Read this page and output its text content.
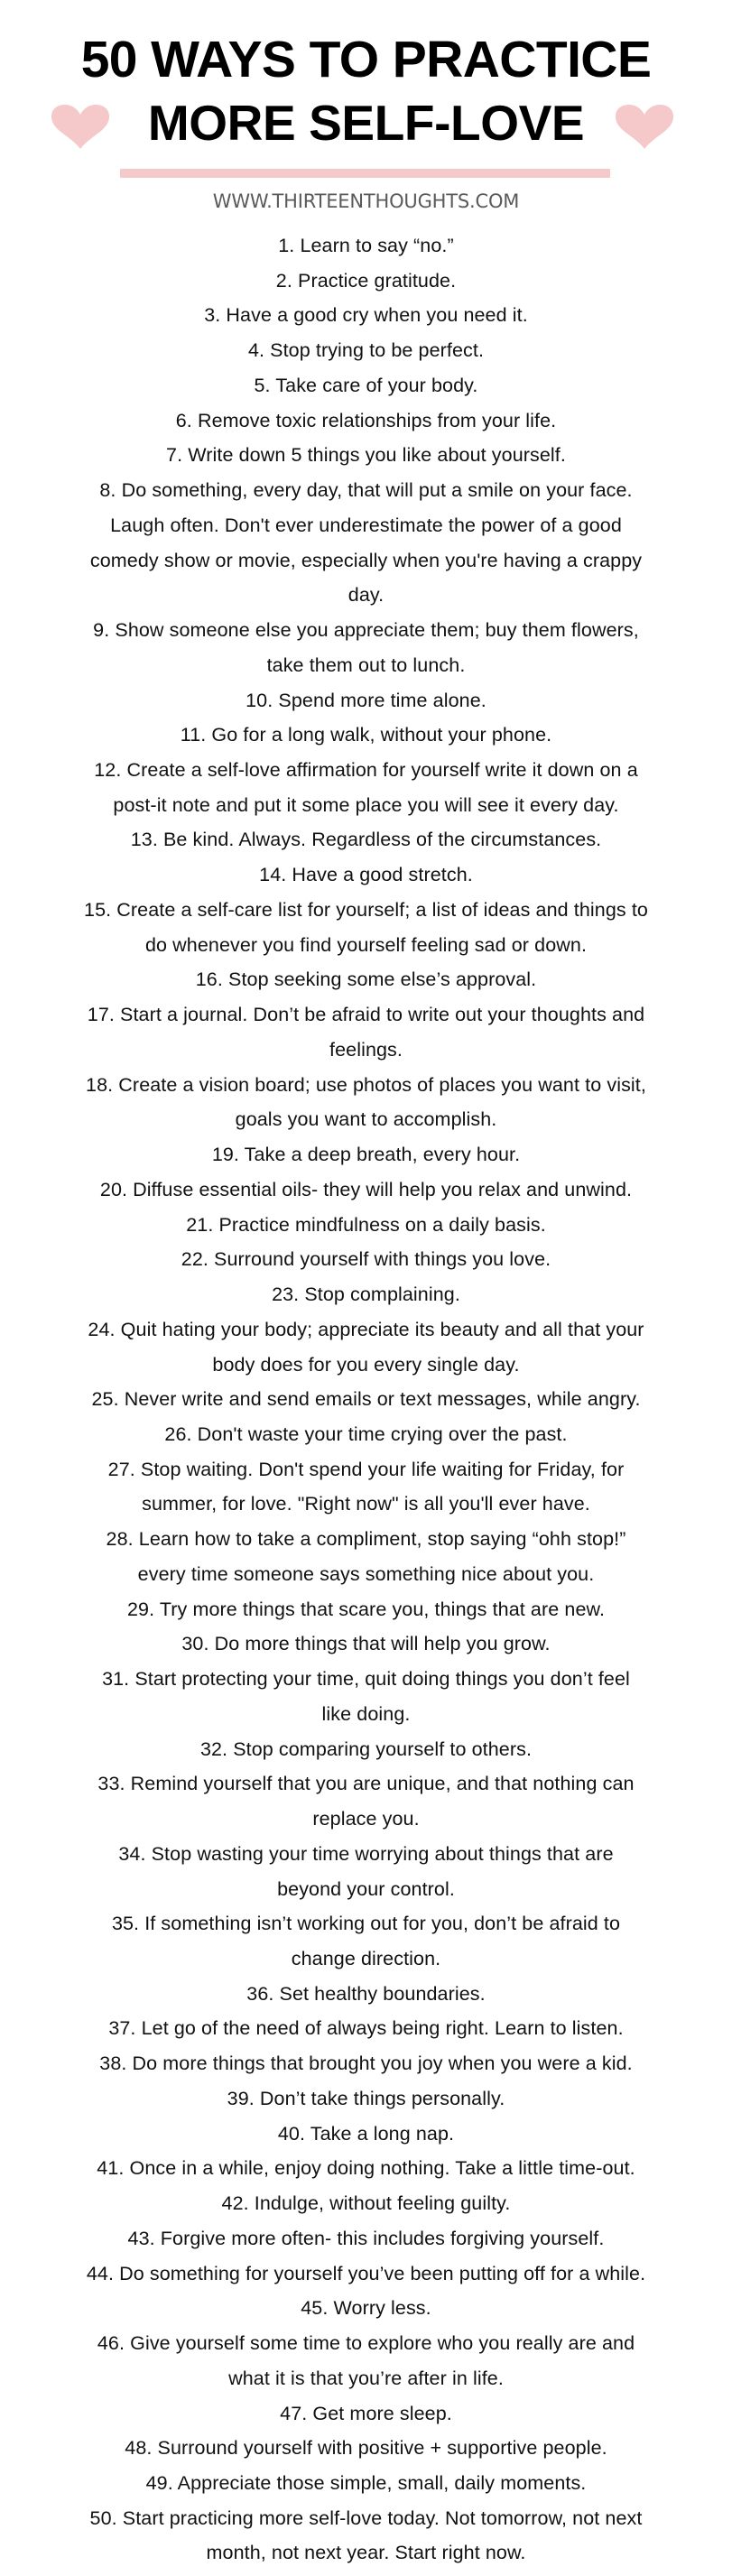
50 WAYS TO PRACTICE
MORE SELF-LOVE
WWW.THIRTEENTHOUGHTS.COM
1. Learn to say “no.”
2. Practice gratitude.
3. Have a good cry when you need it.
4. Stop trying to be perfect.
5. Take care of your body.
6. Remove toxic relationships from your life.
7. Write down 5 things you like about yourself.
8. Do something, every day, that will put a smile on your face.
Laugh often. Don't ever underestimate the power of a good
comedy show or movie, especially when you're having a crappy
day.
9. Show someone else you appreciate them; buy them flowers,
take them out to lunch.
10. Spend more time alone.
11. Go for a long walk, without your phone.
12. Create a self-love affirmation for yourself write it down on a
post-it note and put it some place you will see it every day.
13. Be kind. Always. Regardless of the circumstances.
14. Have a good stretch.
15. Create a self-care list for yourself; a list of ideas and things to
do whenever you find yourself feeling sad or down.
16. Stop seeking some else’s approval.
17. Start a journal. Don’t be afraid to write out your thoughts and
feelings.
18. Create a vision board; use photos of places you want to visit,
goals you want to accomplish.
19. Take a deep breath, every hour.
20. Diffuse essential oils- they will help you relax and unwind.
21. Practice mindfulness on a daily basis.
22. Surround yourself with things you love.
23. Stop complaining.
24. Quit hating your body; appreciate its beauty and all that your
body does for you every single day.
25. Never write and send emails or text messages, while angry.
26. Don't waste your time crying over the past.
27. Stop waiting. Don't spend your life waiting for Friday, for
summer, for love. "Right now" is all you'll ever have.
28. Learn how to take a compliment, stop saying “ohh stop!”
every time someone says something nice about you.
29. Try more things that scare you, things that are new.
30. Do more things that will help you grow.
31. Start protecting your time, quit doing things you don’t feel
like doing.
32. Stop comparing yourself to others.
33. Remind yourself that you are unique, and that nothing can
replace you.
34. Stop wasting your time worrying about things that are
beyond your control.
35. If something isn’t working out for you, don’t be afraid to
change direction.
36. Set healthy boundaries.
37. Let go of the need of always being right. Learn to listen.
38. Do more things that brought you joy when you were a kid.
39. Don’t take things personally.
40. Take a long nap.
41. Once in a while, enjoy doing nothing. Take a little time-out.
42. Indulge, without feeling guilty.
43. Forgive more often- this includes forgiving yourself.
44. Do something for yourself you’ve been putting off for a while.
45. Worry less.
46. Give yourself some time to explore who you really are and
what it is that you’re after in life.
47. Get more sleep.
48. Surround yourself with positive + supportive people.
49. Appreciate those simple, small, daily moments.
50. Start practicing more self-love today. Not tomorrow, not next
month, not next year. Start right now.
